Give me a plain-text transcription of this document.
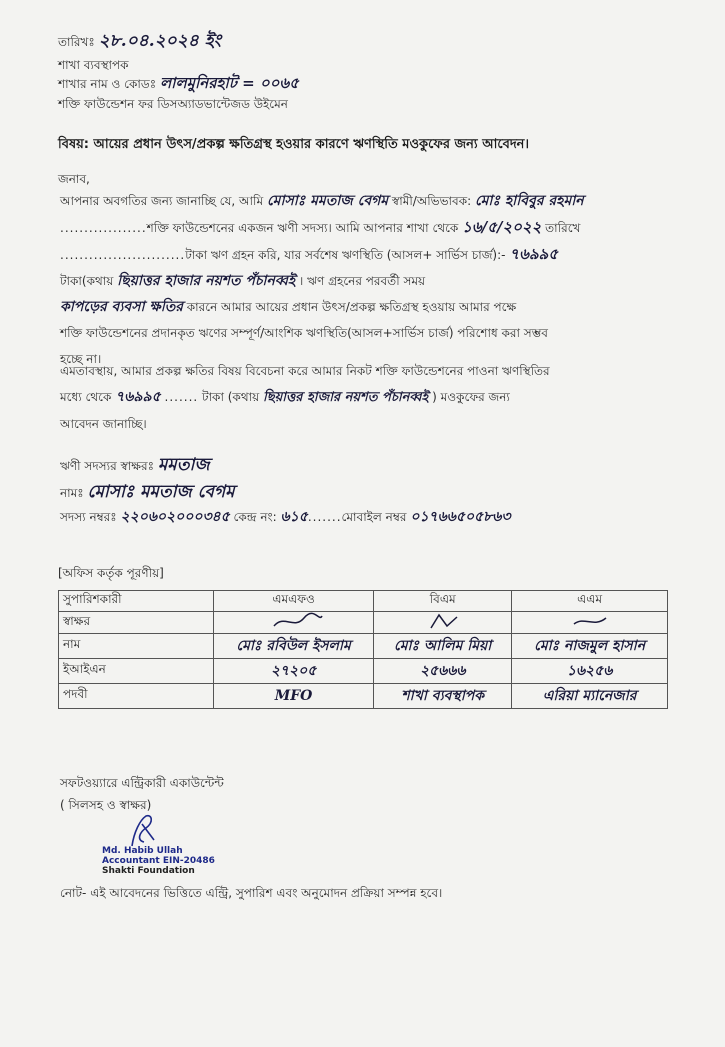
তারিখঃ ২৮.০৪.২০২৪ ইং
শাখা ব্যবস্থাপক
শাখার নাম ও কোডঃ লালমুনিরহাট = ০০৬৫
শক্তি ফাউন্ডেশন ফর ডিসঅ্যাডভান্টেজড উইমেন
বিষয়: আয়ের প্রধান উৎস/প্রকল্প ক্ষতিগ্রস্থ হওয়ার কারণে ঋণস্থিতি মওকুফের জন্য আবেদন।
জনাব,
আপনার অবগতির জন্য জানাচ্ছি যে, আমি মোসাঃ মমতাজ বেগম স্বামী/অভিভাবক: মোঃ হাবিবুর রহমান
..................শক্তি ফাউন্ডেশনের একজন ঋণী সদস্য। আমি আপনার শাখা থেকে ১৬/৫/২০২২ তারিখে
..........................টাকা ঋণ গ্রহন করি, যার সর্বশেষ ঋণস্থিতি (আসল+ সার্ভিস চার্জ):- ৭৬৯৯৫
টাকা(কথায় ছিয়াত্তর হাজার নয়শত পঁচানব্বই । ঋণ গ্রহনের পরবর্তী সময়
কাপড়ের ব্যবসা ক্ষতির কারনে আমার আয়ের প্রধান উৎস/প্রকল্প ক্ষতিগ্রস্থ হওয়ায় আমার পক্ষে
শক্তি ফাউন্ডেশনের প্রদানকৃত ঋণের সম্পূর্ণ/আংশিক ঋণস্থিতি(আসল+সার্ভিস চার্জ) পরিশোধ করা সম্ভব
হচ্ছে না।
এমতাবস্থায়, আমার প্রকল্প ক্ষতির বিষয় বিবেচনা করে আমার নিকট শক্তি ফাউন্ডেশনের পাওনা ঋণস্থিতির
মধ্যে থেকে ৭৬৯৯৫ ....... টাকা (কথায় ছিয়াত্তর হাজার নয়শত পঁচানব্বই ) মওকুফের জন্য
আবেদন জানাচ্ছি।
ঋণী সদস্যর স্বাক্ষরঃ মমতাজ
নামঃ মোসাঃ মমতাজ বেগম
সদস্য নম্বরঃ ২২০৬০২০০০৩৪৫ কেন্দ্র নং: ৬১৫.......মোবাইল নম্বর ০১৭৬৬৫০৫৮৬৩
[অফিস কর্তৃক পূরণীয়]
সুপারিশকারী	এমএফও	বিএম	এএম
স্বাক্ষর			
নাম	মোঃ রবিউল ইসলাম	মোঃ আলিম মিয়া	মোঃ নাজমুল হাসান
ইআইএন	২৭২০৫	২৫৬৬৬	১৬২৫৬
পদবী	MFO	শাখা ব্যবস্থাপক	এরিয়া ম্যানেজার
সফটওয়্যারে এন্ট্রিকারী একাউন্টেন্ট
( সিলসহ ও স্বাক্ষর)
Md. Habib Ullah
Accountant EIN-20486
Shakti Foundation
নোট- এই আবেদনের ভিত্তিতে এন্ট্রি, সুপারিশ এবং অনুমোদন প্রক্রিয়া সম্পন্ন হবে।
